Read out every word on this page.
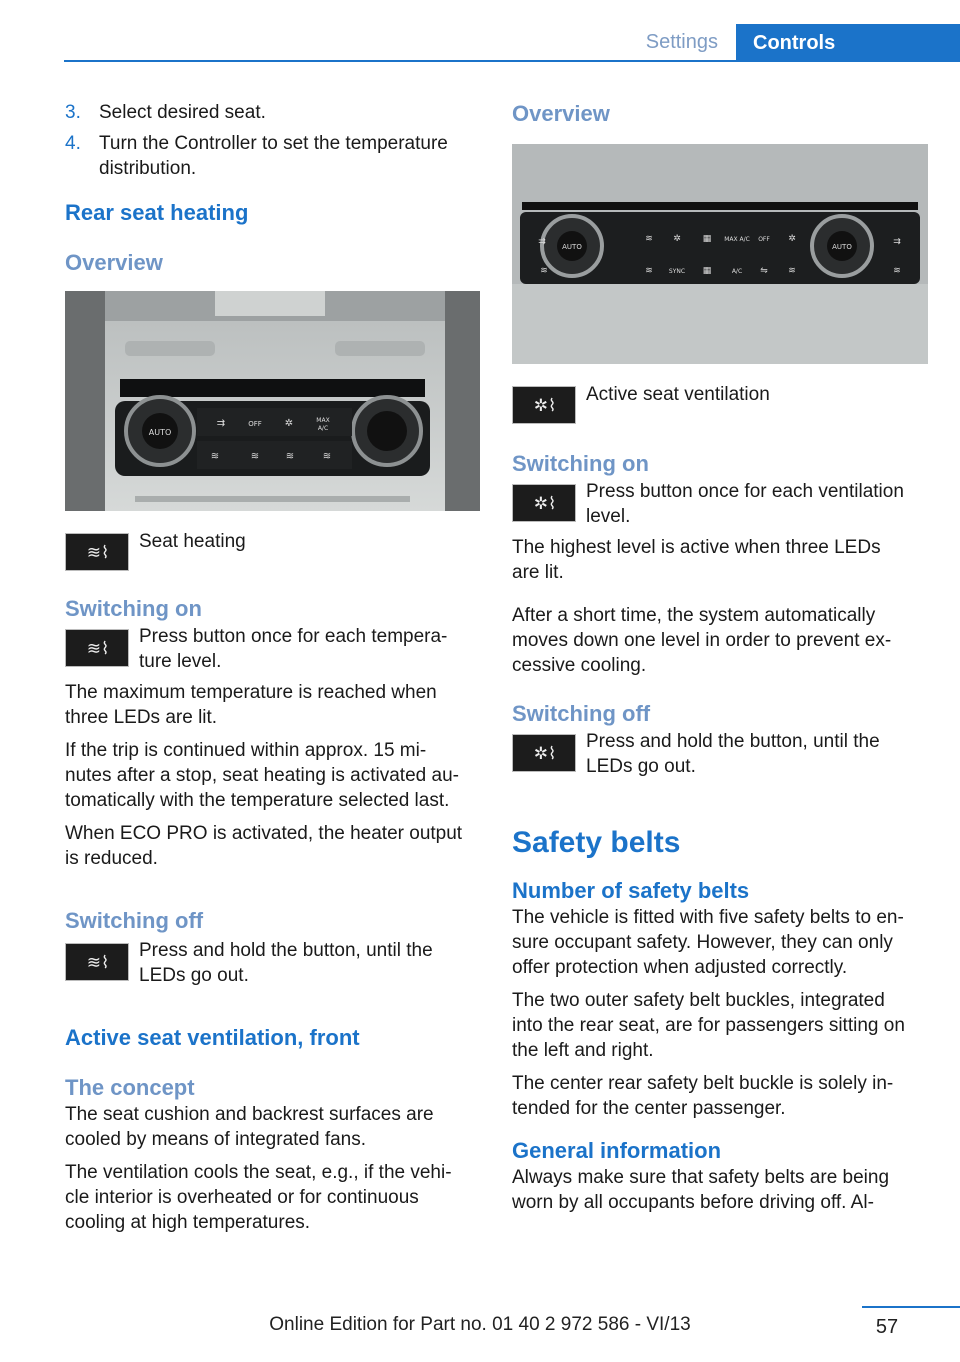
Settings	Controls
3. Select desired seat.
4. Turn the Controller to set the temperature
distribution.
Rear seat heating
Overview
AUTO
⇉	OFF ✲	MAX
A/C
≋	≋	≋	≋
≋⌇
Seat heating
Switching on
≋⌇
Press button once for each tempera‐
ture level.
The maximum temperature is reached when
three LEDs are lit.
If the trip is continued within approx. 15 mi‐
nutes after a stop, seat heating is activated au‐
tomatically with the temperature selected last.
When ECO PRO is activated, the heater output
is reduced.
Switching off
≋⌇
Press and hold the button, until the
LEDs go out.
Active seat ventilation, front
The concept
The seat cushion and backrest surfaces are
cooled by means of integrated fans.
The ventilation cools the seat, e.g., if the vehi‐
cle interior is overheated or for continuous
cooling at high temperatures.
Overview
AUTO	AUTO
⇉	⇉
≋ ✲ ▦ MAX A/C OFF ✲
≋	SYNC ▦	A/C ⇋ ≋
≋	≋
✲⌇
Active seat ventilation
Switching on
✲⌇
Press button once for each ventilation
level.
The highest level is active when three LEDs
are lit.
After a short time, the system automatically
moves down one level in order to prevent ex‐
cessive cooling.
Switching off
✲⌇
Press and hold the button, until the
LEDs go out.
Safety belts
Number of safety belts
The vehicle is fitted with five safety belts to en‐
sure occupant safety. However, they can only
offer protection when adjusted correctly.
The two outer safety belt buckles, integrated
into the rear seat, are for passengers sitting on
the left and right.
The center rear safety belt buckle is solely in‐
tended for the center passenger.
General information
Always make sure that safety belts are being
worn by all occupants before driving off. Al‐
57
Online Edition for Part no. 01 40 2 972 586 - VI/13
